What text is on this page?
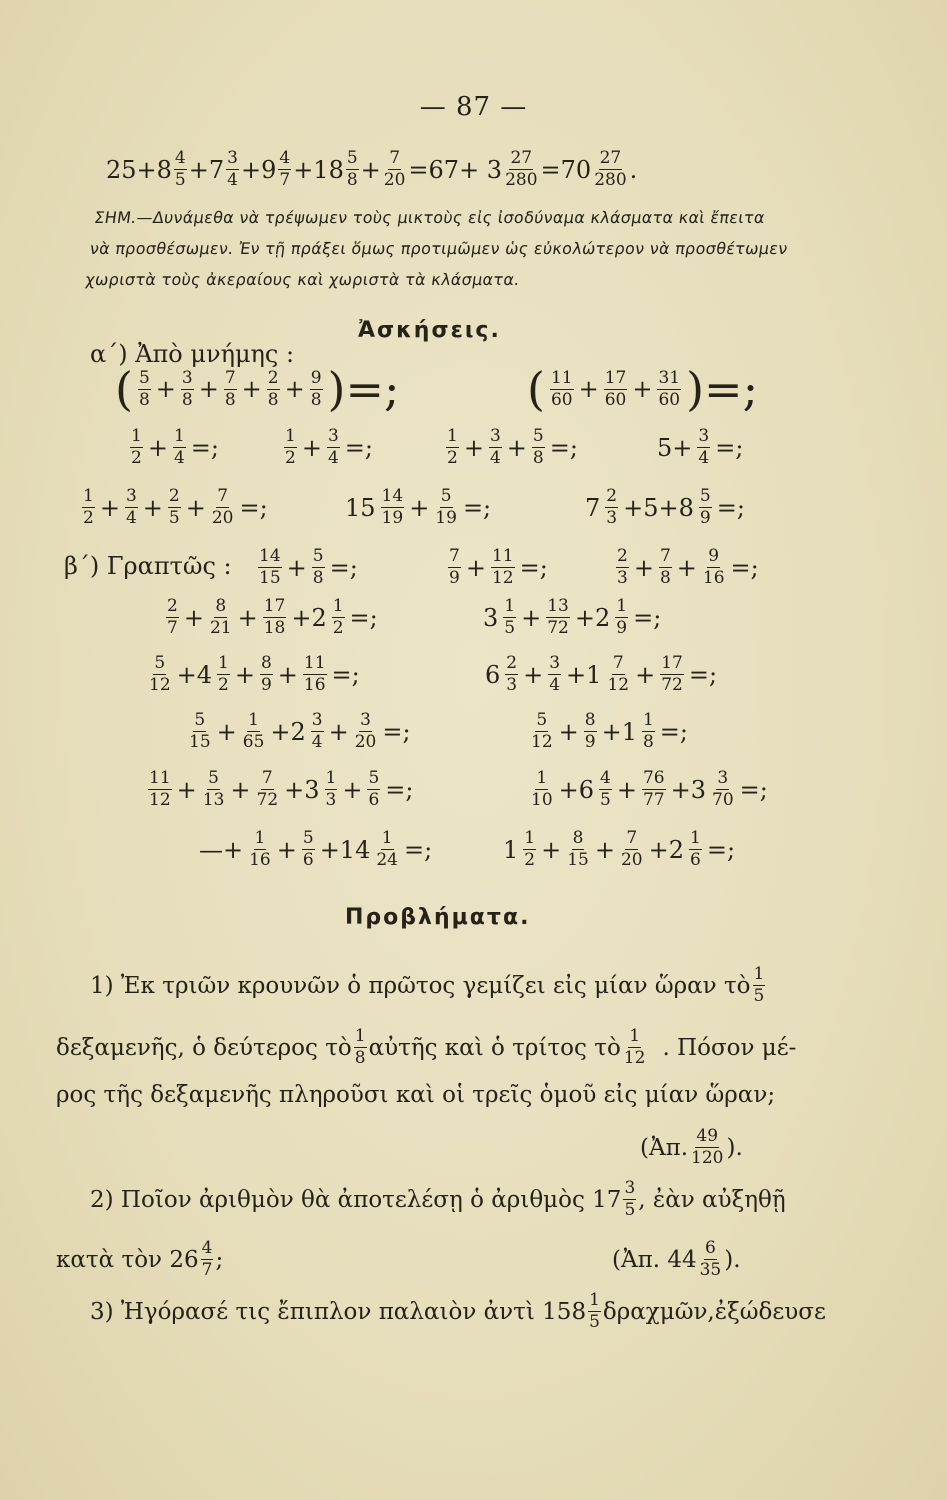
— 87 —
$25+8 \frac{4}{5} +7 \frac{3}{4} +9 \frac{4}{7} +18 \frac{5}{8} + \frac{7}{20} =67+ 3 \frac{27}{280} =70 \frac{27}{280}$ .
ΣΗΜ.—Δυνάμεθα νὰ τρέψωμεν τοὺς μικτοὺς εἰς ἰσοδύναμα κλάσματα καὶ ἔπειτα
νὰ προσθέσωμεν. Ἐν τῇ πράξει ὅμως προτιμῶμεν ὡς εὐκολώτερον νὰ προσθέτωμεν
χωριστὰ τοὺς ἀκεραίους καὶ χωριστὰ τὰ κλάσματα.
Ἀσκήσεις.
α΄) Ἀπὸ μνήμης :
( $\frac{5}{8} + \frac{3}{8} + \frac{7}{8} + \frac{2}{8} + \frac{9}{8}$ )=;	( $\frac{11}{60} + \frac{17}{60} + \frac{31}{60}$ )=;
$\frac{1}{2} + \frac{1}{4}$ =;	$\frac{1}{2} + \frac{3}{4}$ =;	$\frac{1}{2} + \frac{3}{4} + \frac{5}{8}$ =;	$5+ \frac{3}{4}$ =;
$\frac{1}{2} + \frac{3}{4} + \frac{2}{5} + \frac{7}{20}$ =;	$15 \frac{14}{19} + \frac{5}{19}$ =;	$7 \frac{2}{3} +5+8 \frac{5}{9}$ =;
$\frac{14}{15} + \frac{5}{8}$ =;	$\frac{7}{9} + \frac{11}{12}$ =;	$\frac{2}{3} + \frac{7}{8} + \frac{9}{16}$ =;
$\frac{2}{7} + \frac{8}{21} + \frac{17}{18} +2 \frac{1}{2}$ =;	$3 \frac{1}{5} + \frac{13}{72} +2 \frac{1}{9}$ =;
$\frac{5}{12} +4 \frac{1}{2} + \frac{8}{9} + \frac{11}{16}$ =;	$6 \frac{2}{3} + \frac{3}{4} +1 \frac{7}{12} + \frac{17}{72}$ =;
$\frac{5}{15} + \frac{1}{65} +2 \frac{3}{4} + \frac{3}{20}$ =;	$\frac{5}{12} + \frac{8}{9} +1 \frac{1}{8}$ =;
$\frac{11}{12} + \frac{5}{13} + \frac{7}{72} +3 \frac{1}{3} + \frac{5}{6}$ =;	$\frac{1}{10} +6 \frac{4}{5} + \frac{76}{77} +3 \frac{3}{70}$ =;
—+ $\frac{1}{16} + \frac{5}{6} +14 \frac{1}{24}$ =;	$1 \frac{1}{2} + \frac{8}{15} + \frac{7}{20} +2 \frac{1}{6}$ =;
Προβλήματα.
1) Ἐκ τριῶν κρουνῶν ὁ πρῶτος γεμίζει εἰς μίαν ὥραν τὸ $\frac{1}{5}$
δεξαμενῆς, ὁ δεύτερος τὸ $\frac{1}{8}$ αὐτῆς καὶ ὁ τρίτος τὸ $\frac{1}{12}$ . Πόσον μέ-
ρος τῆς δεξαμενῆς πληροῦσι καὶ οἱ τρεῖς ὁμοῦ εἰς μίαν ὥραν;
(Ἀπ. $\frac{49}{120}$ ).
2) Ποῖον ἀριθμὸν θὰ ἀποτελέσῃ ὁ ἀριθμὸς $17 \frac{3}{5}$ , ἐὰν αὐξηθῇ
κατὰ τὸν $26 \frac{4}{7}$ ;	(Ἀπ. $44 \frac{6}{35}$ ).
3) Ἠγόρασέ τις ἔπιπλον παλαιὸν ἀντὶ $158 \frac{1}{5}$ δραχμῶν,ἐξώδευσε
β΄) Γραπτῶς :
